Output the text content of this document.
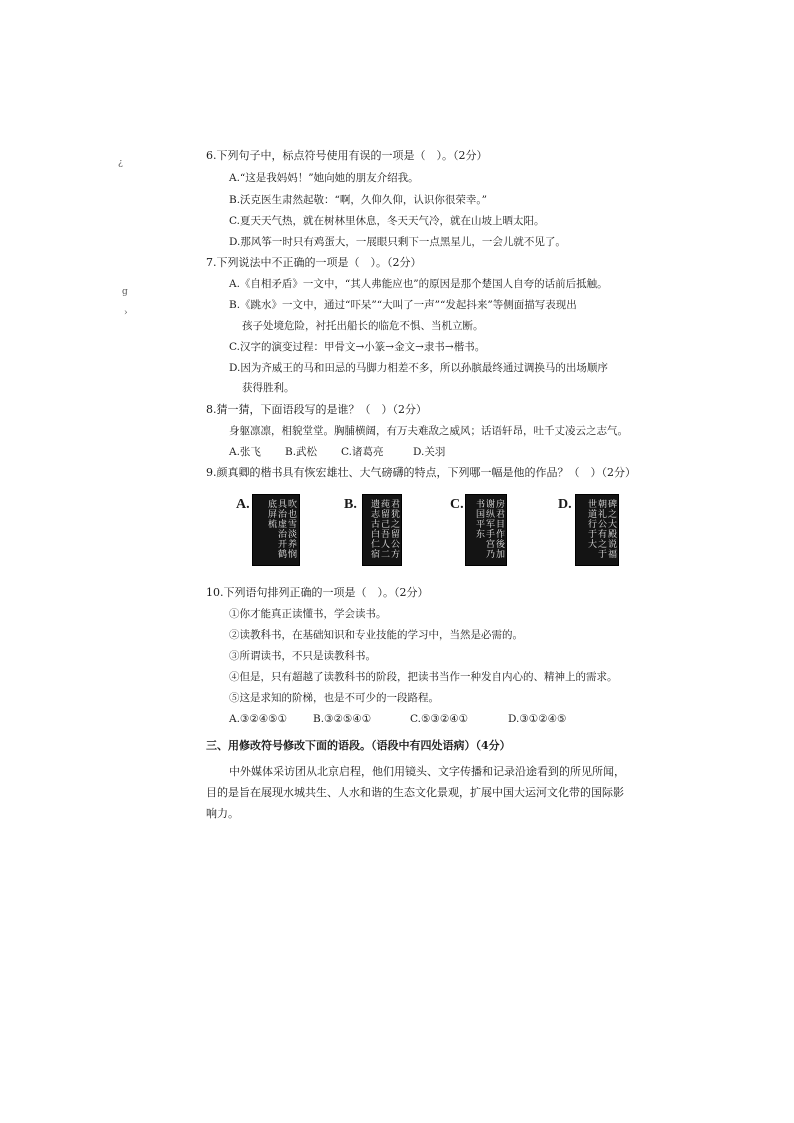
¿
g
›
6.下列句子中，标点符号使用有误的一项是（　）。（2分）
A.“这是我妈妈！”她向她的朋友介绍我。
B.沃克医生肃然起敬：“啊，久仰久仰，认识你很荣幸。”
C.夏天天气热，就在树林里休息，冬天天气冷，就在山坡上晒太阳。
D.那风筝一时只有鸡蛋大，一展眼只剩下一点黑星儿，一会儿就不见了。
7.下列说法中不正确的一项是（　）。（2分）
A.《自相矛盾》一文中，“其人弗能应也”的原因是那个楚国人自夸的话前后抵触。
B.《跳水》一文中，通过“吓呆”“大叫了一声”“发起抖来”等侧面描写表现出
孩子处境危险，衬托出船长的临危不惧、当机立断。
C.汉字的演变过程：甲骨文→小篆→金文→隶书→楷书。
D.因为齐威王的马和田忌的马脚力相差不多，所以孙膑最终通过调换马的出场顺序
获得胜利。
8.猜一猜，下面语段写的是谁？（　）（2分）
身躯凛凛，相貌堂堂。胸脯横阔，有万夫难敌之威风；话语轩昂，吐千丈凌云之志气。
A.张飞 B.武松 C.诸葛亮	D.关羽
9.颜真卿的楷书具有恢宏雄壮、大气磅礴的特点，下列哪一幅是他的作品？（　）（2分）
A.	吹也雪淡养悯具治虚治开鹤底屏梳	B.	君犹之留公方莼留己吾人二遗志古白仁宿	C.	房君目作後加谢纵军手宫乃书国平东	D.	碑之大殿说福朝礼公有之于世道行于大
10.下列语句排列正确的一项是（　）。（2分）
①你才能真正读懂书，学会读书。
②读教科书，在基础知识和专业技能的学习中，当然是必需的。
③所谓读书，不只是读教科书。
④但是，只有超越了读教科书的阶段，把读书当作一种发自内心的、精神上的需求。
⑤这是求知的阶梯，也是不可少的一段路程。
A.③②④⑤① B.③②⑤④①	C.⑤③②④①	D.③①②④⑤
三、用修改符号修改下面的语段。（语段中有四处语病）（4分）
中外媒体采访团从北京启程，他们用镜头、文字传播和记录沿途看到的所见所闻，
目的是旨在展现水城共生、人水和谐的生态文化景观，扩展中国大运河文化带的国际影
响力。
